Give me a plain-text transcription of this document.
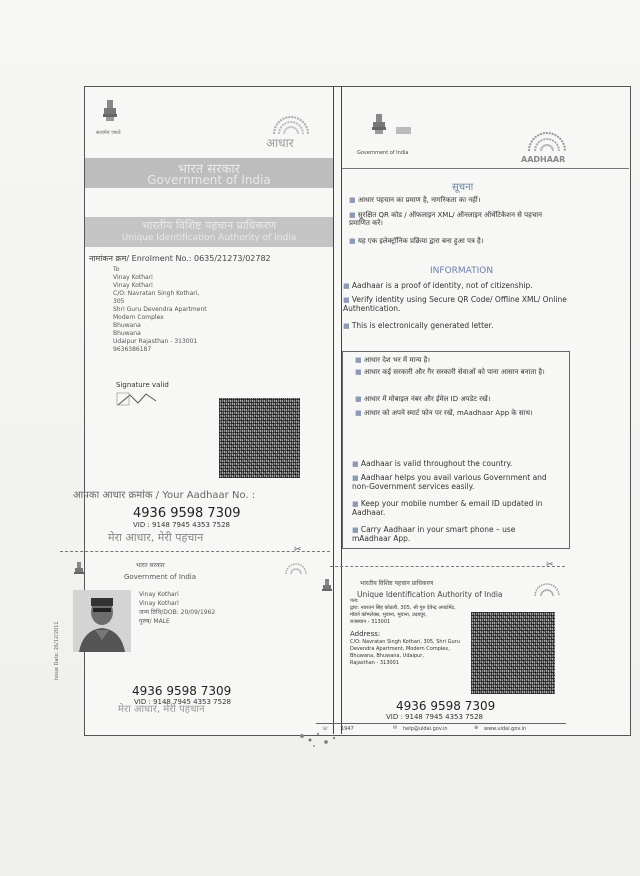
सत्यमेव जयते
आधार
भारत सरकार
Government of India
भारतीय विशिष्ट पहचान प्राधिकरण
Unique Identification Authority of India
नामांकन क्रम/ Enrolment No.: 0635/21273/02782
To
Vinay Kothari
Vinay Kothari
C/O: Navratan Singh Kothari,
305
Shri Guru Devendra Apartment
Modern Complex
Bhuwana
Bhuwana
Udaipur Rajasthan - 313001
9636386187
Signature valid
आपका आधार क्रमांक / Your Aadhaar No. :
4936 9598 7309
VID : 9148 7945 4353 7528
मेरा आधार, मेरी पहचान
✂
भारत सरकार
Government of India
Issue Date: 26/12/2011
Vinay Kothari
Vinay Kothari
जन्म तिथि/DOB: 20/09/1962
पुरुष/ MALE
4936 9598 7309
VID : 9148 7945 4353 7528
मेरा आधार, मेरी पहचान
Government of India
AADHAAR
सूचना
■ आधार पहचान का प्रमाण है, नागरिकता का नहीं।
■ सुरक्षित QR कोड / ऑफलाइन XML/ ऑनलाइन ऑथेंटिकेशन से पहचान प्रमाणित करें।
■ यह एक इलेक्ट्रॉनिक प्रक्रिया द्वारा बना हुआ पत्र है।
INFORMATION
■ Aadhaar is a proof of identity, not of citizenship.
■ Verify identity using Secure QR Code/ Offline XML/ Online Authentication.
■ This is electronically generated letter.
■ आधार देश भर में मान्य है।
■ आधार कई सरकारी और गैर सरकारी सेवाओं को पाना आसान बनाता है।
■ आधार में मोबाइल नंबर और ईमेल ID अपडेट रखें।
■ आधार को अपने स्मार्ट फोन पर रखें, mAadhaar App के साथ।
■ Aadhaar is valid throughout the country.
■ Aadhaar helps you avail various Government and non-Government services easily.
■ Keep your mobile number & email ID updated in Aadhaar.
■ Carry Aadhaar in your smart phone – use mAadhaar App.
✂
भारतीय विशिष्ट पहचान प्राधिकरण
Unique Identification Authority of India
पता:
द्वारा: नवरतन सिंह कोठारी, 305, श्री गुरु देवेन्द्र अपार्टमेंट,
मॉडर्न कॉम्प्लेक्स, भुवाना, भुवाना, उदयपुर,
राजस्थान - 313001
Address:
C/O: Navratan Singh Kothari, 305, Shri Guru
Devendra Apartment, Modern Complex,
Bhuwana, Bhuwana, Udaipur,
Rajasthan - 313001
4936 9598 7309
VID : 9148 7945 4353 7528
☏	1947	✉ help@uidai.gov.in	⊕ www.uidai.gov.in
